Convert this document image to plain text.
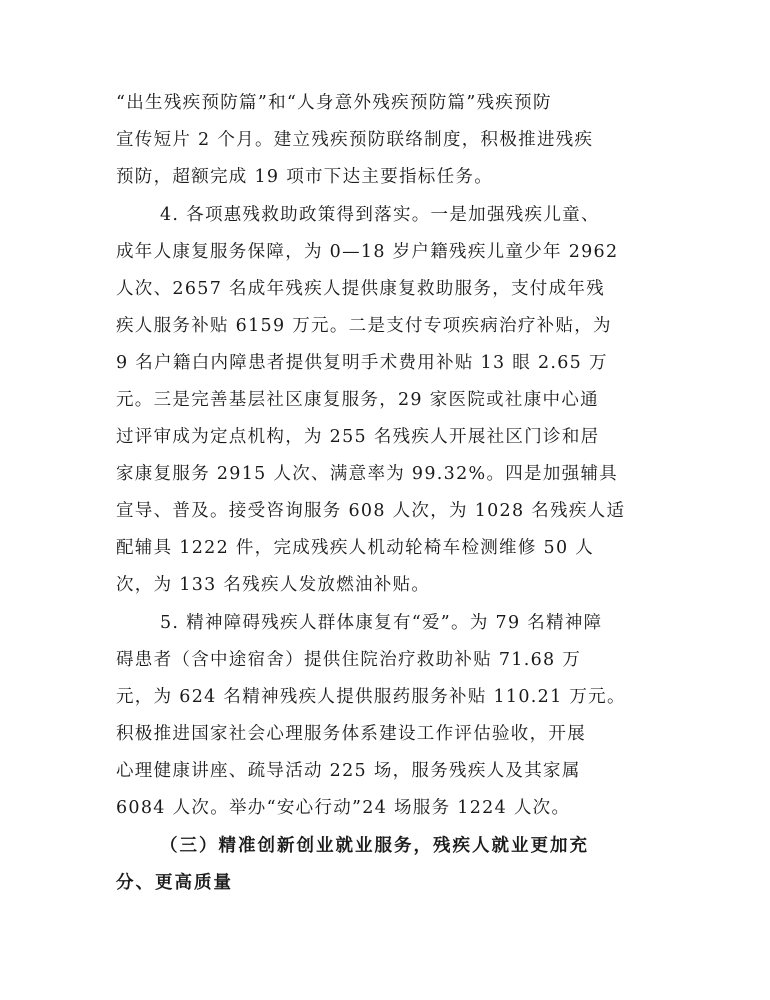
“出生残疾预防篇”和“人身意外残疾预防篇”残疾预防
宣传短片 2 个月。建立残疾预防联络制度，积极推进残疾
预防，超额完成 19 项市下达主要指标任务。
4. 各项惠残救助政策得到落实。一是加强残疾儿童、
成年人康复服务保障，为 0—18 岁户籍残疾儿童少年 2962
人次、2657 名成年残疾人提供康复救助服务，支付成年残
疾人服务补贴 6159 万元。二是支付专项疾病治疗补贴，为
9 名户籍白内障患者提供复明手术费用补贴 13 眼 2.65 万
元。三是完善基层社区康复服务，29 家医院或社康中心通
过评审成为定点机构，为 255 名残疾人开展社区门诊和居
家康复服务 2915 人次、满意率为 99.32%。四是加强辅具
宣导、普及。接受咨询服务 608 人次，为 1028 名残疾人适
配辅具 1222 件，完成残疾人机动轮椅车检测维修 50 人
次，为 133 名残疾人发放燃油补贴。
5. 精神障碍残疾人群体康复有“爱”。为 79 名精神障
碍患者（含中途宿舍）提供住院治疗救助补贴 71.68 万
元，为 624 名精神残疾人提供服药服务补贴 110.21 万元。
积极推进国家社会心理服务体系建设工作评估验收，开展
心理健康讲座、疏导活动 225 场，服务残疾人及其家属
6084 人次。举办“安心行动”24 场服务 1224 人次。
（三）精准创新创业就业服务，残疾人就业更加充
分、更高质量
